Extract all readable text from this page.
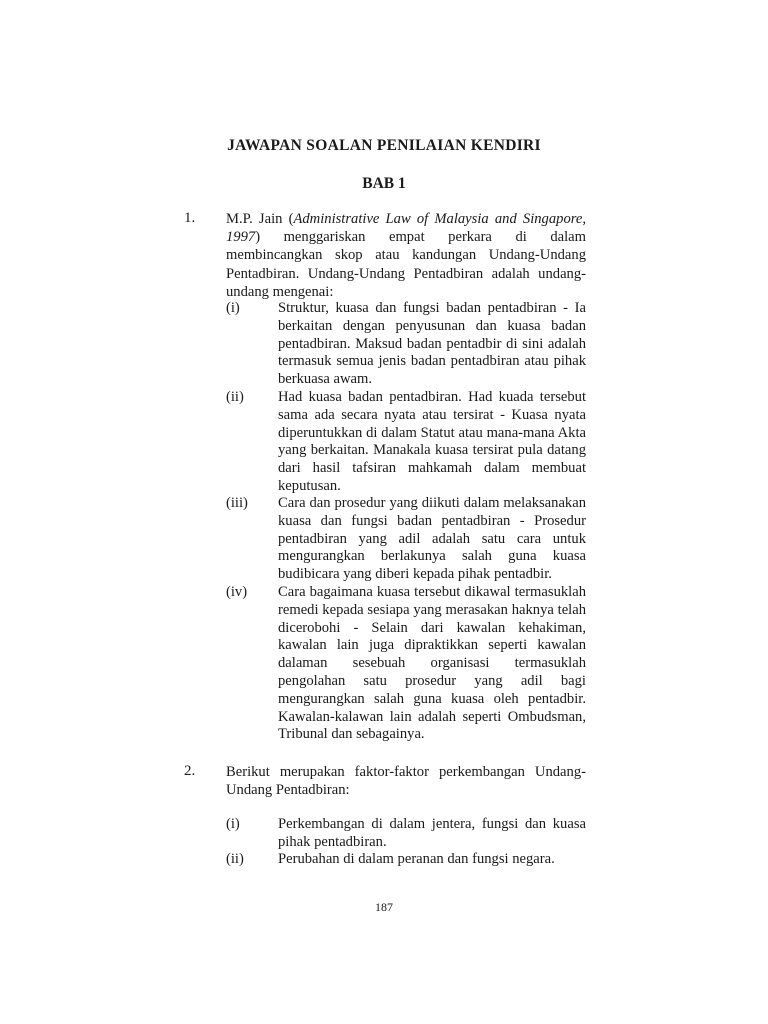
JAWAPAN SOALAN PENILAIAN KENDIRI
BAB 1
1. M.P. Jain (Administrative Law of Malaysia and Singapore, 1997) menggariskan empat perkara di dalam membincangkan skop atau kandungan Undang-Undang Pentadbiran. Undang-Undang Pentadbiran adalah undang-undang mengenai:
(i)	Struktur, kuasa dan fungsi badan pentadbiran - Ia berkaitan dengan penyusunan dan kuasa badan pentadbiran. Maksud badan pentadbir di sini adalah termasuk semua jenis badan pentadbiran atau pihak berkuasa awam.
(ii) Had kuasa badan pentadbiran. Had kuada tersebut sama ada secara nyata atau tersirat - Kuasa nyata diperuntukkan di dalam Statut atau mana-mana Akta yang berkaitan. Manakala kuasa tersirat pula datang dari hasil tafsiran mahkamah dalam membuat keputusan.
(iii) Cara dan prosedur yang diikuti dalam melaksanakan kuasa dan fungsi badan pentadbiran - Prosedur pentadbiran yang adil adalah satu cara untuk mengurangkan berlakunya salah guna kuasa budibicara yang diberi kepada pihak pentadbir.
(iv) Cara bagaimana kuasa tersebut dikawal termasuklah remedi kepada sesiapa yang merasakan haknya telah dicerobohi - Selain dari kawalan kehakiman, kawalan lain juga dipraktikkan seperti kawalan dalaman sesebuah organisasi termasuklah pengolahan satu prosedur yang adil bagi mengurangkan salah guna kuasa oleh pentadbir. Kawalan-kalawan lain adalah seperti Ombudsman, Tribunal dan sebagainya.
2. Berikut merupakan faktor-faktor perkembangan Undang-Undang Pentadbiran:
(i)	Perkembangan di dalam jentera, fungsi dan kuasa pihak pentadbiran.
(ii) Perubahan di dalam peranan dan fungsi negara.
187
